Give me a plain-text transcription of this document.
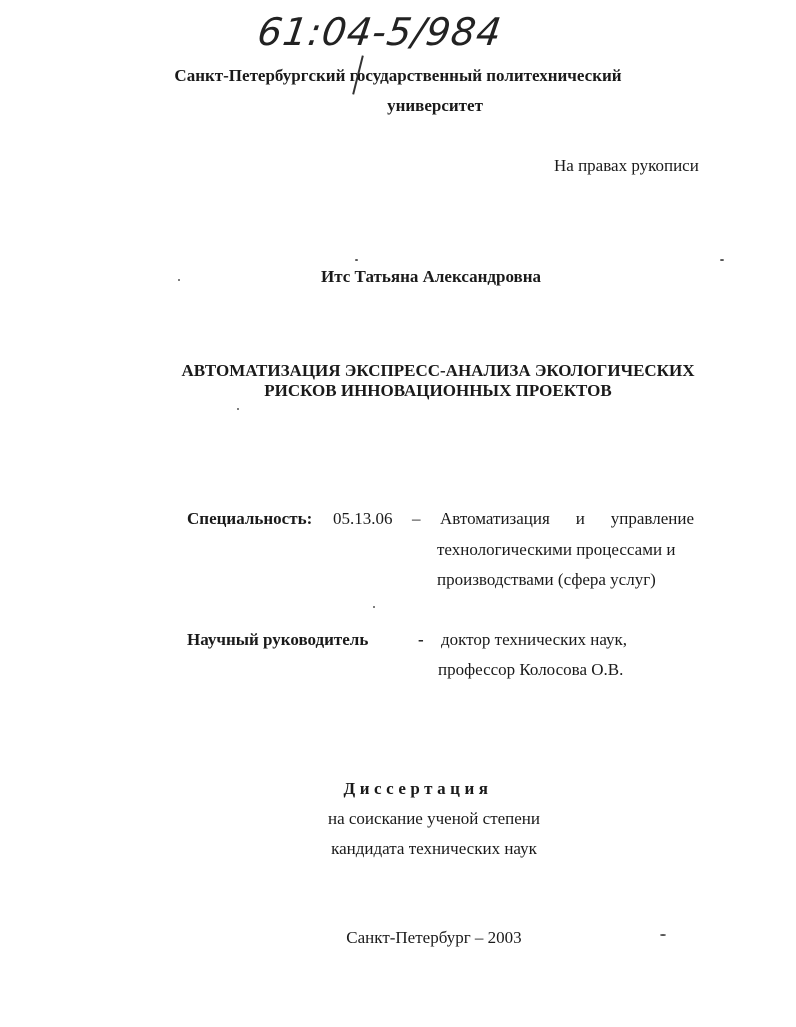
61:04-5/984
Санкт-Петербургский государственный политехнический
университет
На правах рукописи
Итс Татьяна Александровна
АВТОМАТИЗАЦИЯ ЭКСПРЕСС-АНАЛИЗА ЭКОЛОГИЧЕСКИХ
РИСКОВ ИННОВАЦИОННЫХ ПРОЕКТОВ
Специальность: 05.13.06 – Автоматизация и управление
технологическими процессами и
производствами (сфера услуг)
Научный руководитель	- доктор технических наук,
профессор Колосова О.В.
Диссертация
на соискание ученой степени
кандидата технических наук
Санкт-Петербург – 2003
